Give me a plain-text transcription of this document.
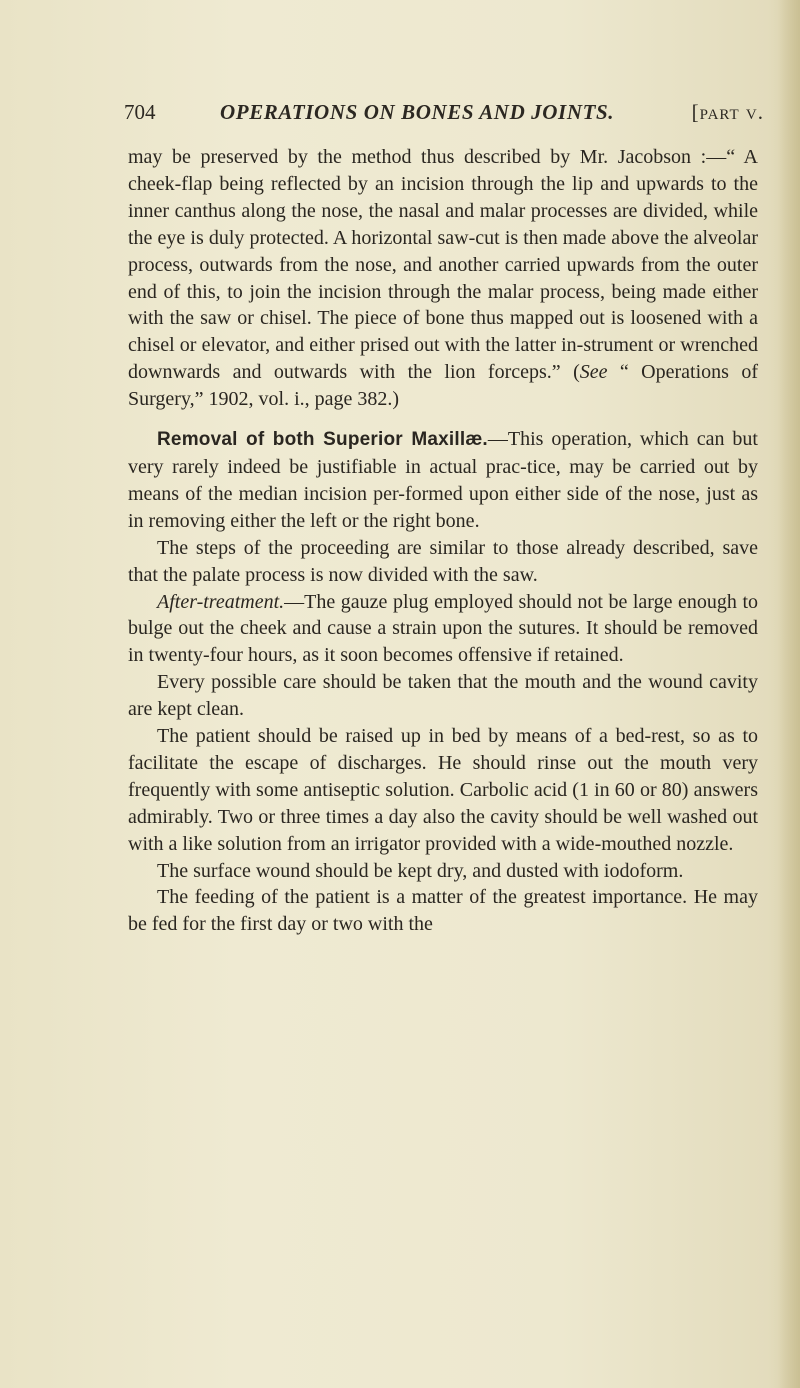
704	OPERATIONS ON BONES AND JOINTS.	[part v.

may be preserved by the method thus described by Mr. Jacobson :—“ A cheek-flap being reflected by an incision through the lip and upwards to the inner canthus along the nose, the nasal and malar processes are divided, while the eye is duly protected. A horizontal saw-cut is then made above the alveolar process, outwards from the nose, and another carried upwards from the outer end of this, to join the incision through the malar process, being made either with the saw or chisel. The piece of bone thus mapped out is loosened with a chisel or elevator, and either prised out with the latter in-strument or wrenched downwards and outwards with the lion forceps.” (See “ Operations of Surgery,” 1902, vol. i., page 382.)

Removal of both Superior Maxillæ.—This operation, which can but very rarely indeed be justifiable in actual prac-tice, may be carried out by means of the median incision per-formed upon either side of the nose, just as in removing either the left or the right bone.

The steps of the proceeding are similar to those already described, save that the palate process is now divided with the saw.

After-treatment.—The gauze plug employed should not be large enough to bulge out the cheek and cause a strain upon the sutures. It should be removed in twenty-four hours, as it soon becomes offensive if retained.

Every possible care should be taken that the mouth and the wound cavity are kept clean.

The patient should be raised up in bed by means of a bed-rest, so as to facilitate the escape of discharges. He should rinse out the mouth very frequently with some antiseptic solution. Carbolic acid (1 in 60 or 80) answers admirably. Two or three times a day also the cavity should be well washed out with a like solution from an irrigator provided with a wide-mouthed nozzle.

The surface wound should be kept dry, and dusted with iodoform.

The feeding of the patient is a matter of the greatest importance. He may be fed for the first day or two with the
